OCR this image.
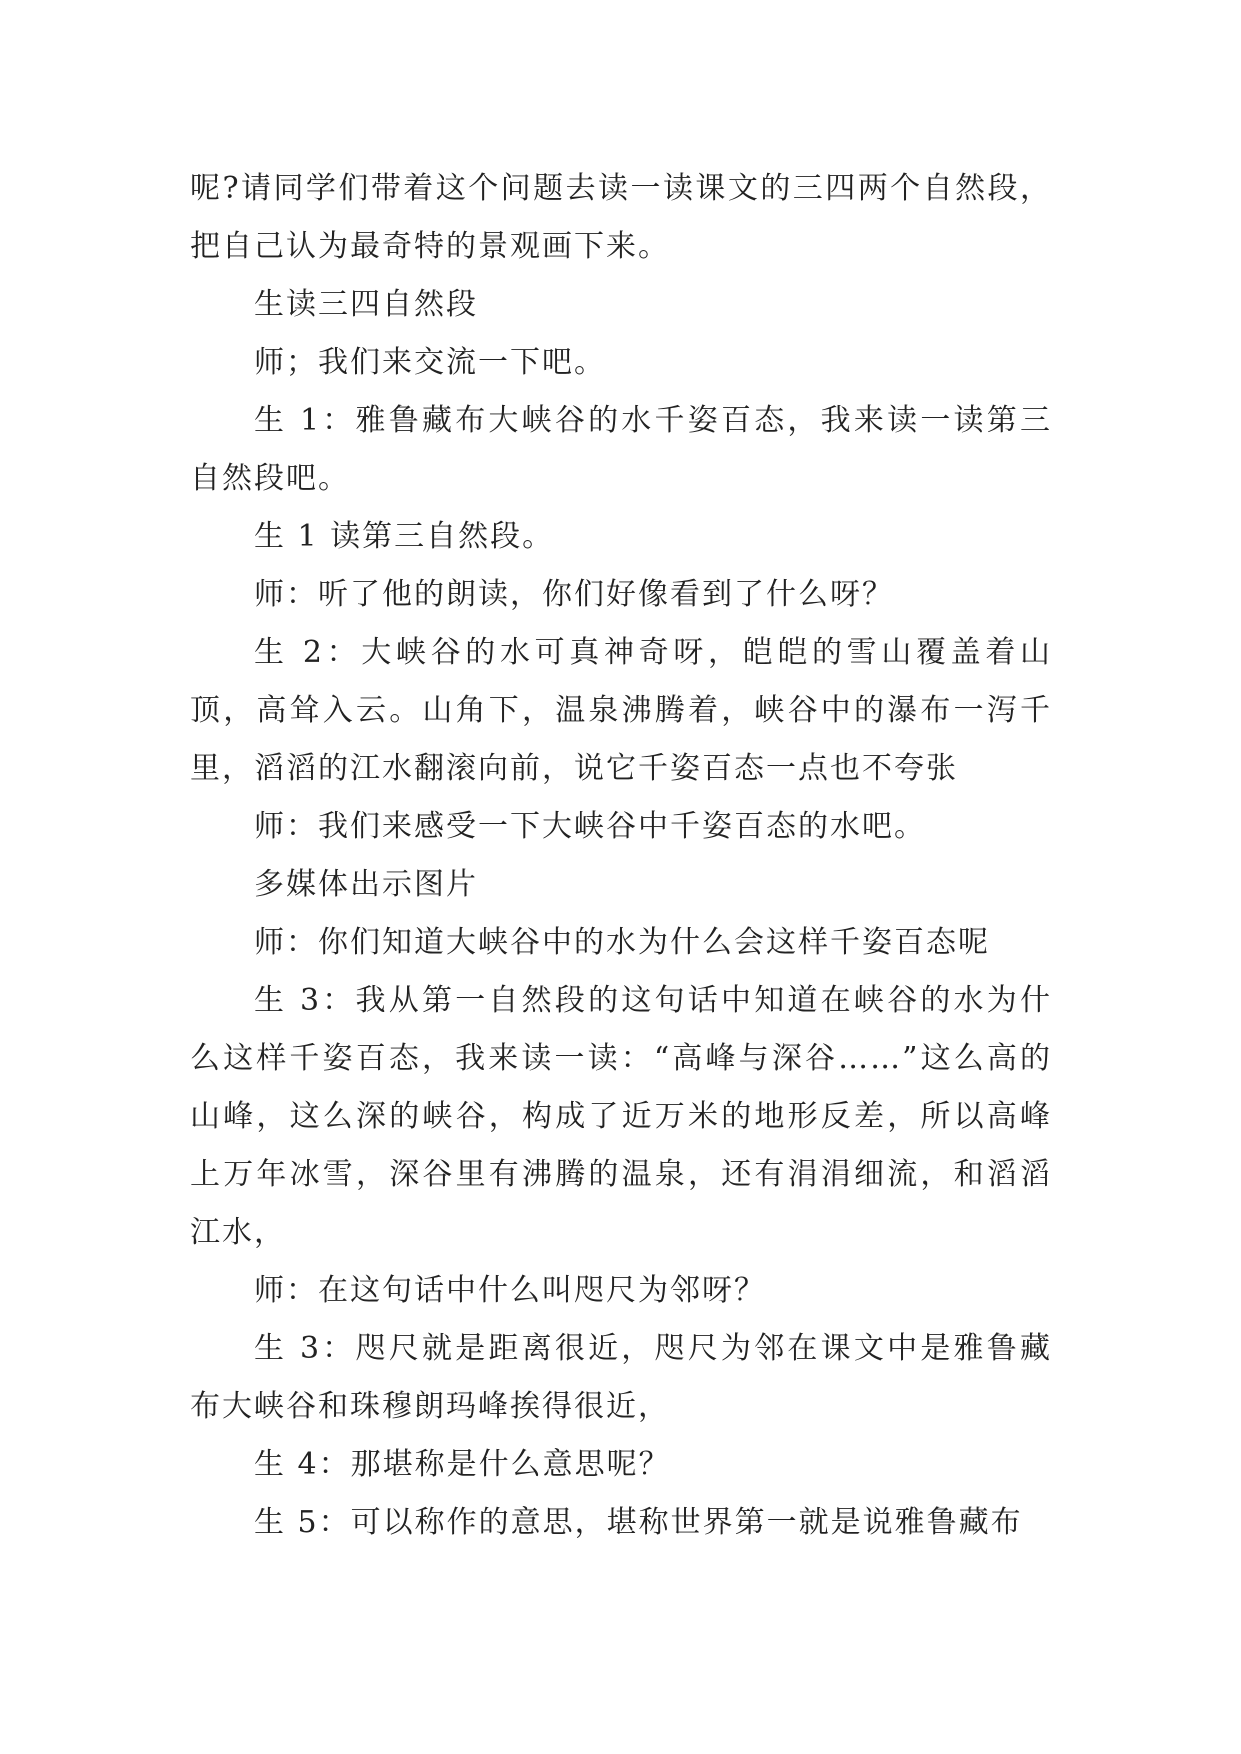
呢?请同学们带着这个问题去读一读课文的三四两个自然段，把自己认为最奇特的景观画下来。

生读三四自然段

师；我们来交流一下吧。

生 1：雅鲁藏布大峡谷的水千姿百态，我来读一读第三自然段吧。

生 1 读第三自然段。

师：听了他的朗读，你们好像看到了什么呀？

生 2：大峡谷的水可真神奇呀，皑皑的雪山覆盖着山顶，高耸入云。山角下，温泉沸腾着，峡谷中的瀑布一泻千里，滔滔的江水翻滚向前，说它千姿百态一点也不夸张

师：我们来感受一下大峡谷中千姿百态的水吧。

多媒体出示图片

师：你们知道大峡谷中的水为什么会这样千姿百态呢

生 3：我从第一自然段的这句话中知道在峡谷的水为什么这样千姿百态，我来读一读：“高峰与深谷……”这么高的山峰，这么深的峡谷，构成了近万米的地形反差，所以高峰上万年冰雪，深谷里有沸腾的温泉，还有涓涓细流，和滔滔江水，

师：在这句话中什么叫咫尺为邻呀？

生 3：咫尺就是距离很近，咫尺为邻在课文中是雅鲁藏布大峡谷和珠穆朗玛峰挨得很近，

生 4：那堪称是什么意思呢？

生 5：可以称作的意思，堪称世界第一就是说雅鲁藏布
